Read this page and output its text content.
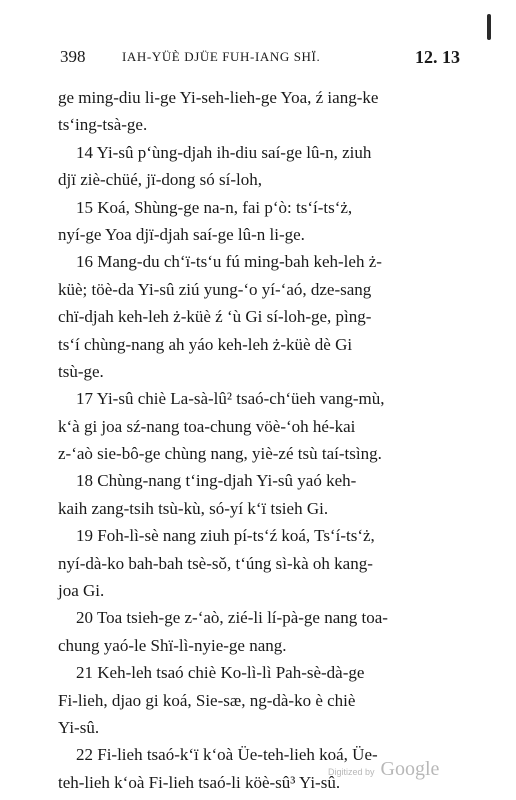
398	IAH-YÜÈ DJÜE FUH-IANG SHÏ.	12. 13
ge ming-diu li-ge Yi-seh-lieh-ge Yoa, ź iang-ke
ts‘ing-tsà-ge.
14 Yi-sû p‘ùng-djah ih-diu saí-ge lû-n, ziuh
djï ziè-chüé, jï-dong só sí-loh,
15 Koá, Shùng-ge na-n, fai p‘ò: ts‘í-ts‘ż,
nyí-ge Yoa djï-djah saí-ge lû-n li-ge.
16 Mang-du ch‘ï-ts‘u fú ming-bah keh-leh ż-
küè; töè-da Yi-sû ziú yung-‘o yí-‘aó, dze-sang
chï-djah keh-leh ż-küè ź ‘ù Gi sí-loh-ge, pìng-
ts‘í chùng-nang ah yáo keh-leh ż-küè dè Gi
tsù-ge.
17 Yi-sû chiè La-sà-lû² tsaó-ch‘üeh vang-mù,
k‘à gi joa sź-nang toa-chung vöè-‘oh hé-kai
z-‘aò sie-bô-ge chùng nang, yiè-zé tsù taí-tsìng.
18 Chùng-nang t‘ing-djah Yi-sû yaó keh-
kaih zang-tsih tsù-kù, só-yí k‘ï tsieh Gi.
19 Foh-lì-sè nang ziuh pí-ts‘ź koá, Ts‘í-ts‘ż,
nyí-dà-ko bah-bah tsè-sǒ, t‘úng sì-kà oh kang-
joa Gi.
20 Toa tsieh-ge z-‘aò, zié-li lí-pà-ge nang toa-
chung yaó-le Shï-lì-nyie-ge nang.
21 Keh-leh tsaó chiè Ko-lì-lì Pah-sè-dà-ge
Fi-lieh, djao gi koá, Sie-sæ, ng-dà-ko è chiè
Yi-sû.
22 Fi-lieh tsaó-k‘ï k‘oà Üe-teh-lieh koá, Üe-
teh-lieh k‘oà Fi-lieh tsaó-li köè-sû³ Yi-sû.
Digitized by Google
